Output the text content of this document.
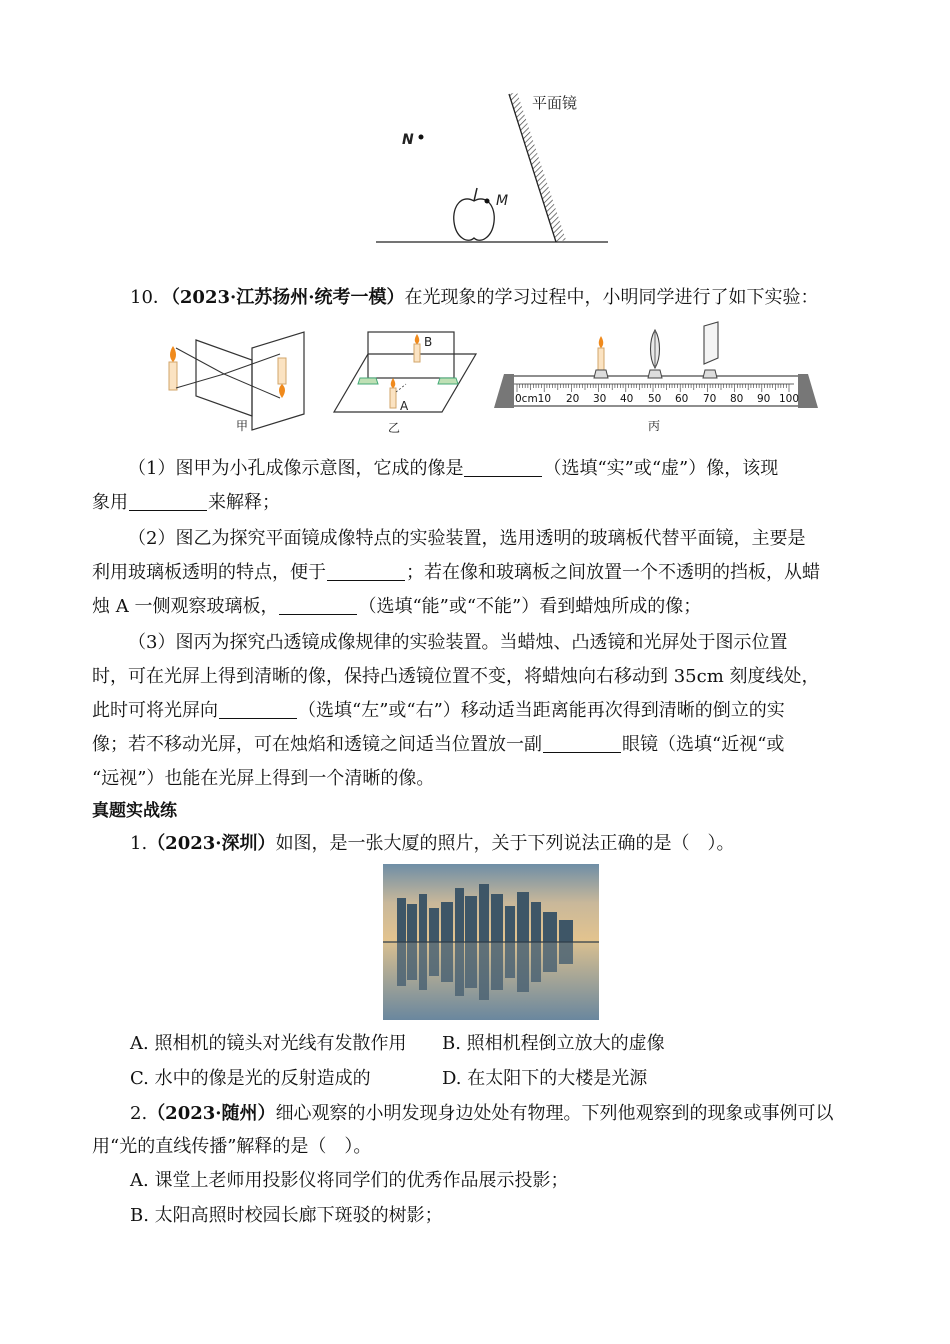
平面镜
N
M
10．（2023·江苏扬州·统考一模）在光现象的学习过程中，小明同学进行了如下实验：
甲
B
A
乙
0cm10 20 30 40 50 60 70 80 90 100
丙
（1）图甲为小孔成像示意图，它成的像是	（选填“实”或“虚”）像，该现
象用	来解释；
（2）图乙为探究平面镜成像特点的实验装置，选用透明的玻璃板代替平面镜，主要是
利用玻璃板透明的特点，便于	；若在像和玻璃板之间放置一个不透明的挡板，从蜡
烛 A 一侧观察玻璃板，	（选填“能”或“不能”）看到蜡烛所成的像；
（3）图丙为探究凸透镜成像规律的实验装置。当蜡烛、凸透镜和光屏处于图示位置
时，可在光屏上得到清晰的像，保持凸透镜位置不变，将蜡烛向右移动到 35cm 刻度线处，
此时可将光屏向	（选填“左”或“右”）移动适当距离能再次得到清晰的倒立的实
像；若不移动光屏，可在烛焰和透镜之间适当位置放一副	眼镜（选填“近视“或
“远视”）也能在光屏上得到一个清晰的像。
真题实战练
1.（2023·深圳）如图，是一张大厦的照片，关于下列说法正确的是（　）。
A. 照相机的镜头对光线有发散作用 B. 照相机程倒立放大的虚像
C. 水中的像是光的反射造成的	D. 在太阳下的大楼是光源
2.（2023·随州）细心观察的小明发现身边处处有物理。下列他观察到的现象或事例可以
用“光的直线传播”解释的是（　）。
A. 课堂上老师用投影仪将同学们的优秀作品展示投影；
B. 太阳高照时校园长廊下斑驳的树影；
